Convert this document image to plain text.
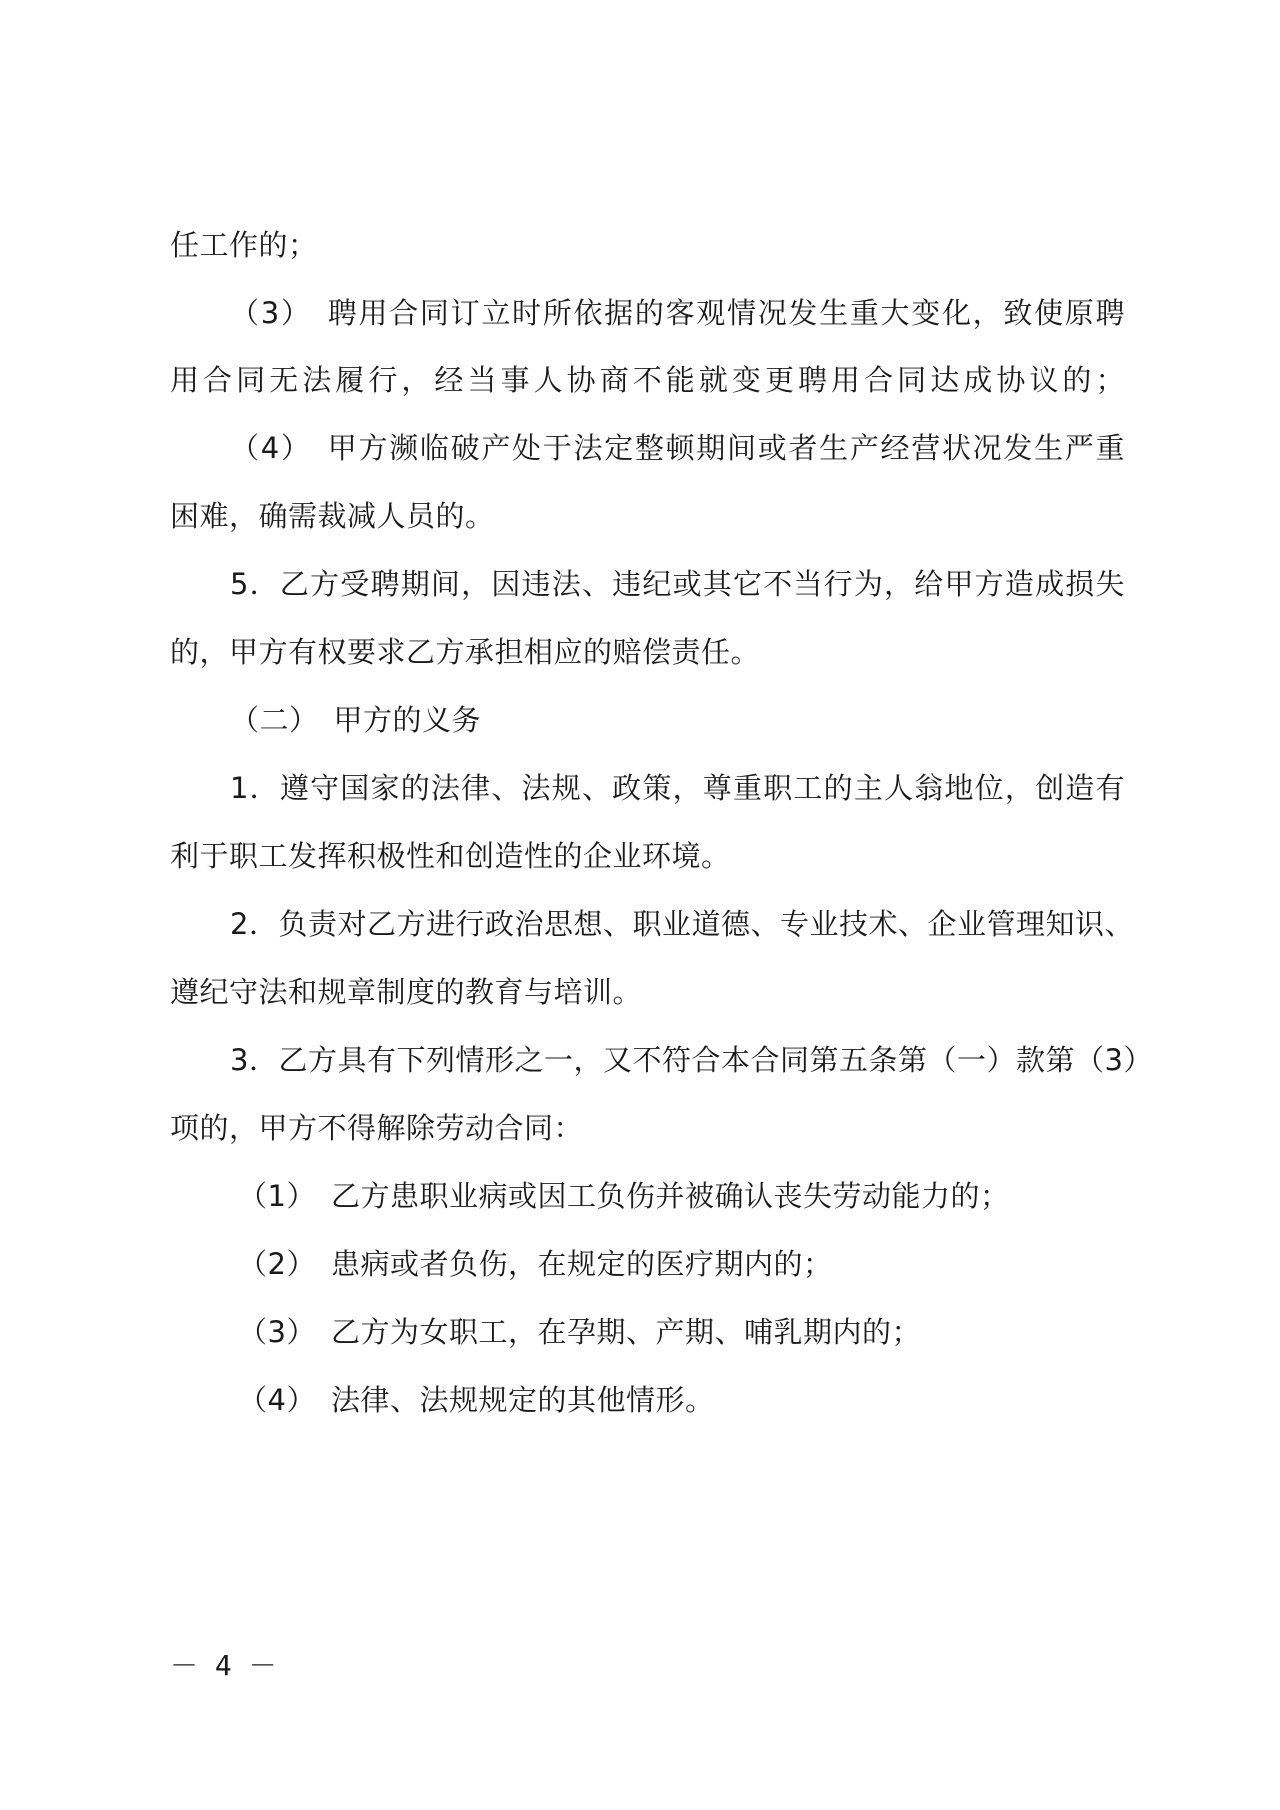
任工作的；
（3）　聘用合同订立时所依据的客观情况发生重大变化，致使原聘
用合同无法履行，经当事人协商不能就变更聘用合同达成协议的；
（4）　甲方濒临破产处于法定整顿期间或者生产经营状况发生严重
困难，确需裁减人员的。
5．乙方受聘期间，因违法、违纪或其它不当行为，给甲方造成损失
的，甲方有权要求乙方承担相应的赔偿责任。
（二）　甲方的义务
1．遵守国家的法律、法规、政策，尊重职工的主人翁地位，创造有
利于职工发挥积极性和创造性的企业环境。
2．负责对乙方进行政治思想、职业道德、专业技术、企业管理知识、
遵纪守法和规章制度的教育与培训。
3．乙方具有下列情形之一，又不符合本合同第五条第（一）款第（3）
项的，甲方不得解除劳动合同：
（1）　乙方患职业病或因工负伤并被确认丧失劳动能力的；
（2）　患病或者负伤，在规定的医疗期内的；
（3）　乙方为女职工，在孕期、产期、哺乳期内的；
（4）　法律、法规规定的其他情形。
－ 4 －
